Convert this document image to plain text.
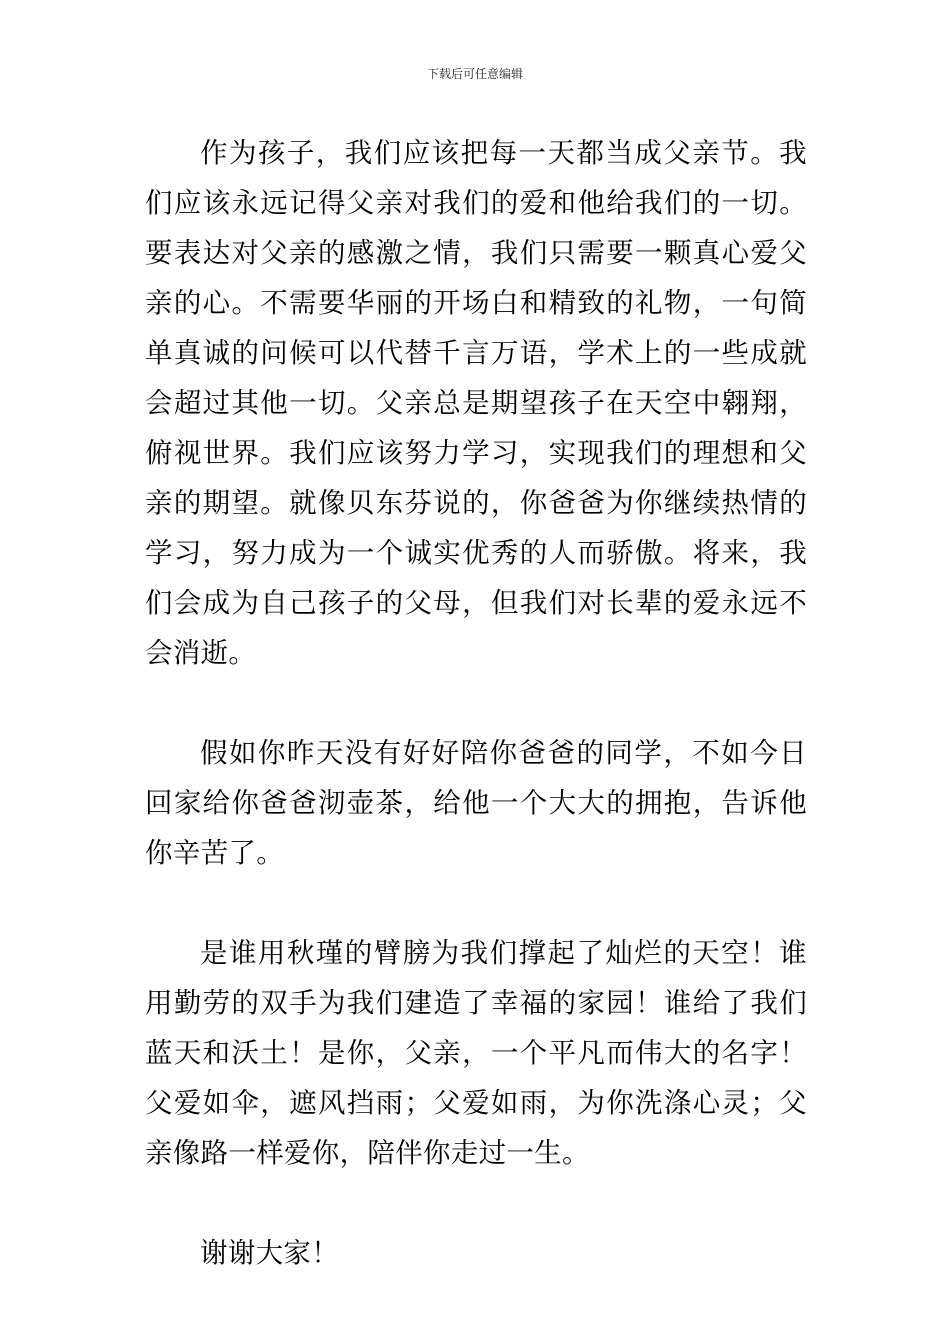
下载后可任意编辑

作为孩子，我们应该把每一天都当成父亲节。我们应该永远记得父亲对我们的爱和他给我们的一切。要表达对父亲的感激之情，我们只需要一颗真心爱父亲的心。不需要华丽的开场白和精致的礼物，一句简单真诚的问候可以代替千言万语，学术上的一些成就会超过其他一切。父亲总是期望孩子在天空中翱翔，俯视世界。我们应该努力学习，实现我们的理想和父亲的期望。就像贝东芬说的，你爸爸为你继续热情的学习，努力成为一个诚实优秀的人而骄傲。将来，我们会成为自己孩子的父母，但我们对长辈的爱永远不会消逝。

假如你昨天没有好好陪你爸爸的同学，不如今日回家给你爸爸沏壶茶，给他一个大大的拥抱，告诉他你辛苦了。

是谁用秋瑾的臂膀为我们撑起了灿烂的天空！谁用勤劳的双手为我们建造了幸福的家园！谁给了我们蓝天和沃土！是你，父亲，一个平凡而伟大的名字！父爱如伞，遮风挡雨；父爱如雨，为你洗涤心灵；父亲像路一样爱你，陪伴你走过一生。

谢谢大家！
